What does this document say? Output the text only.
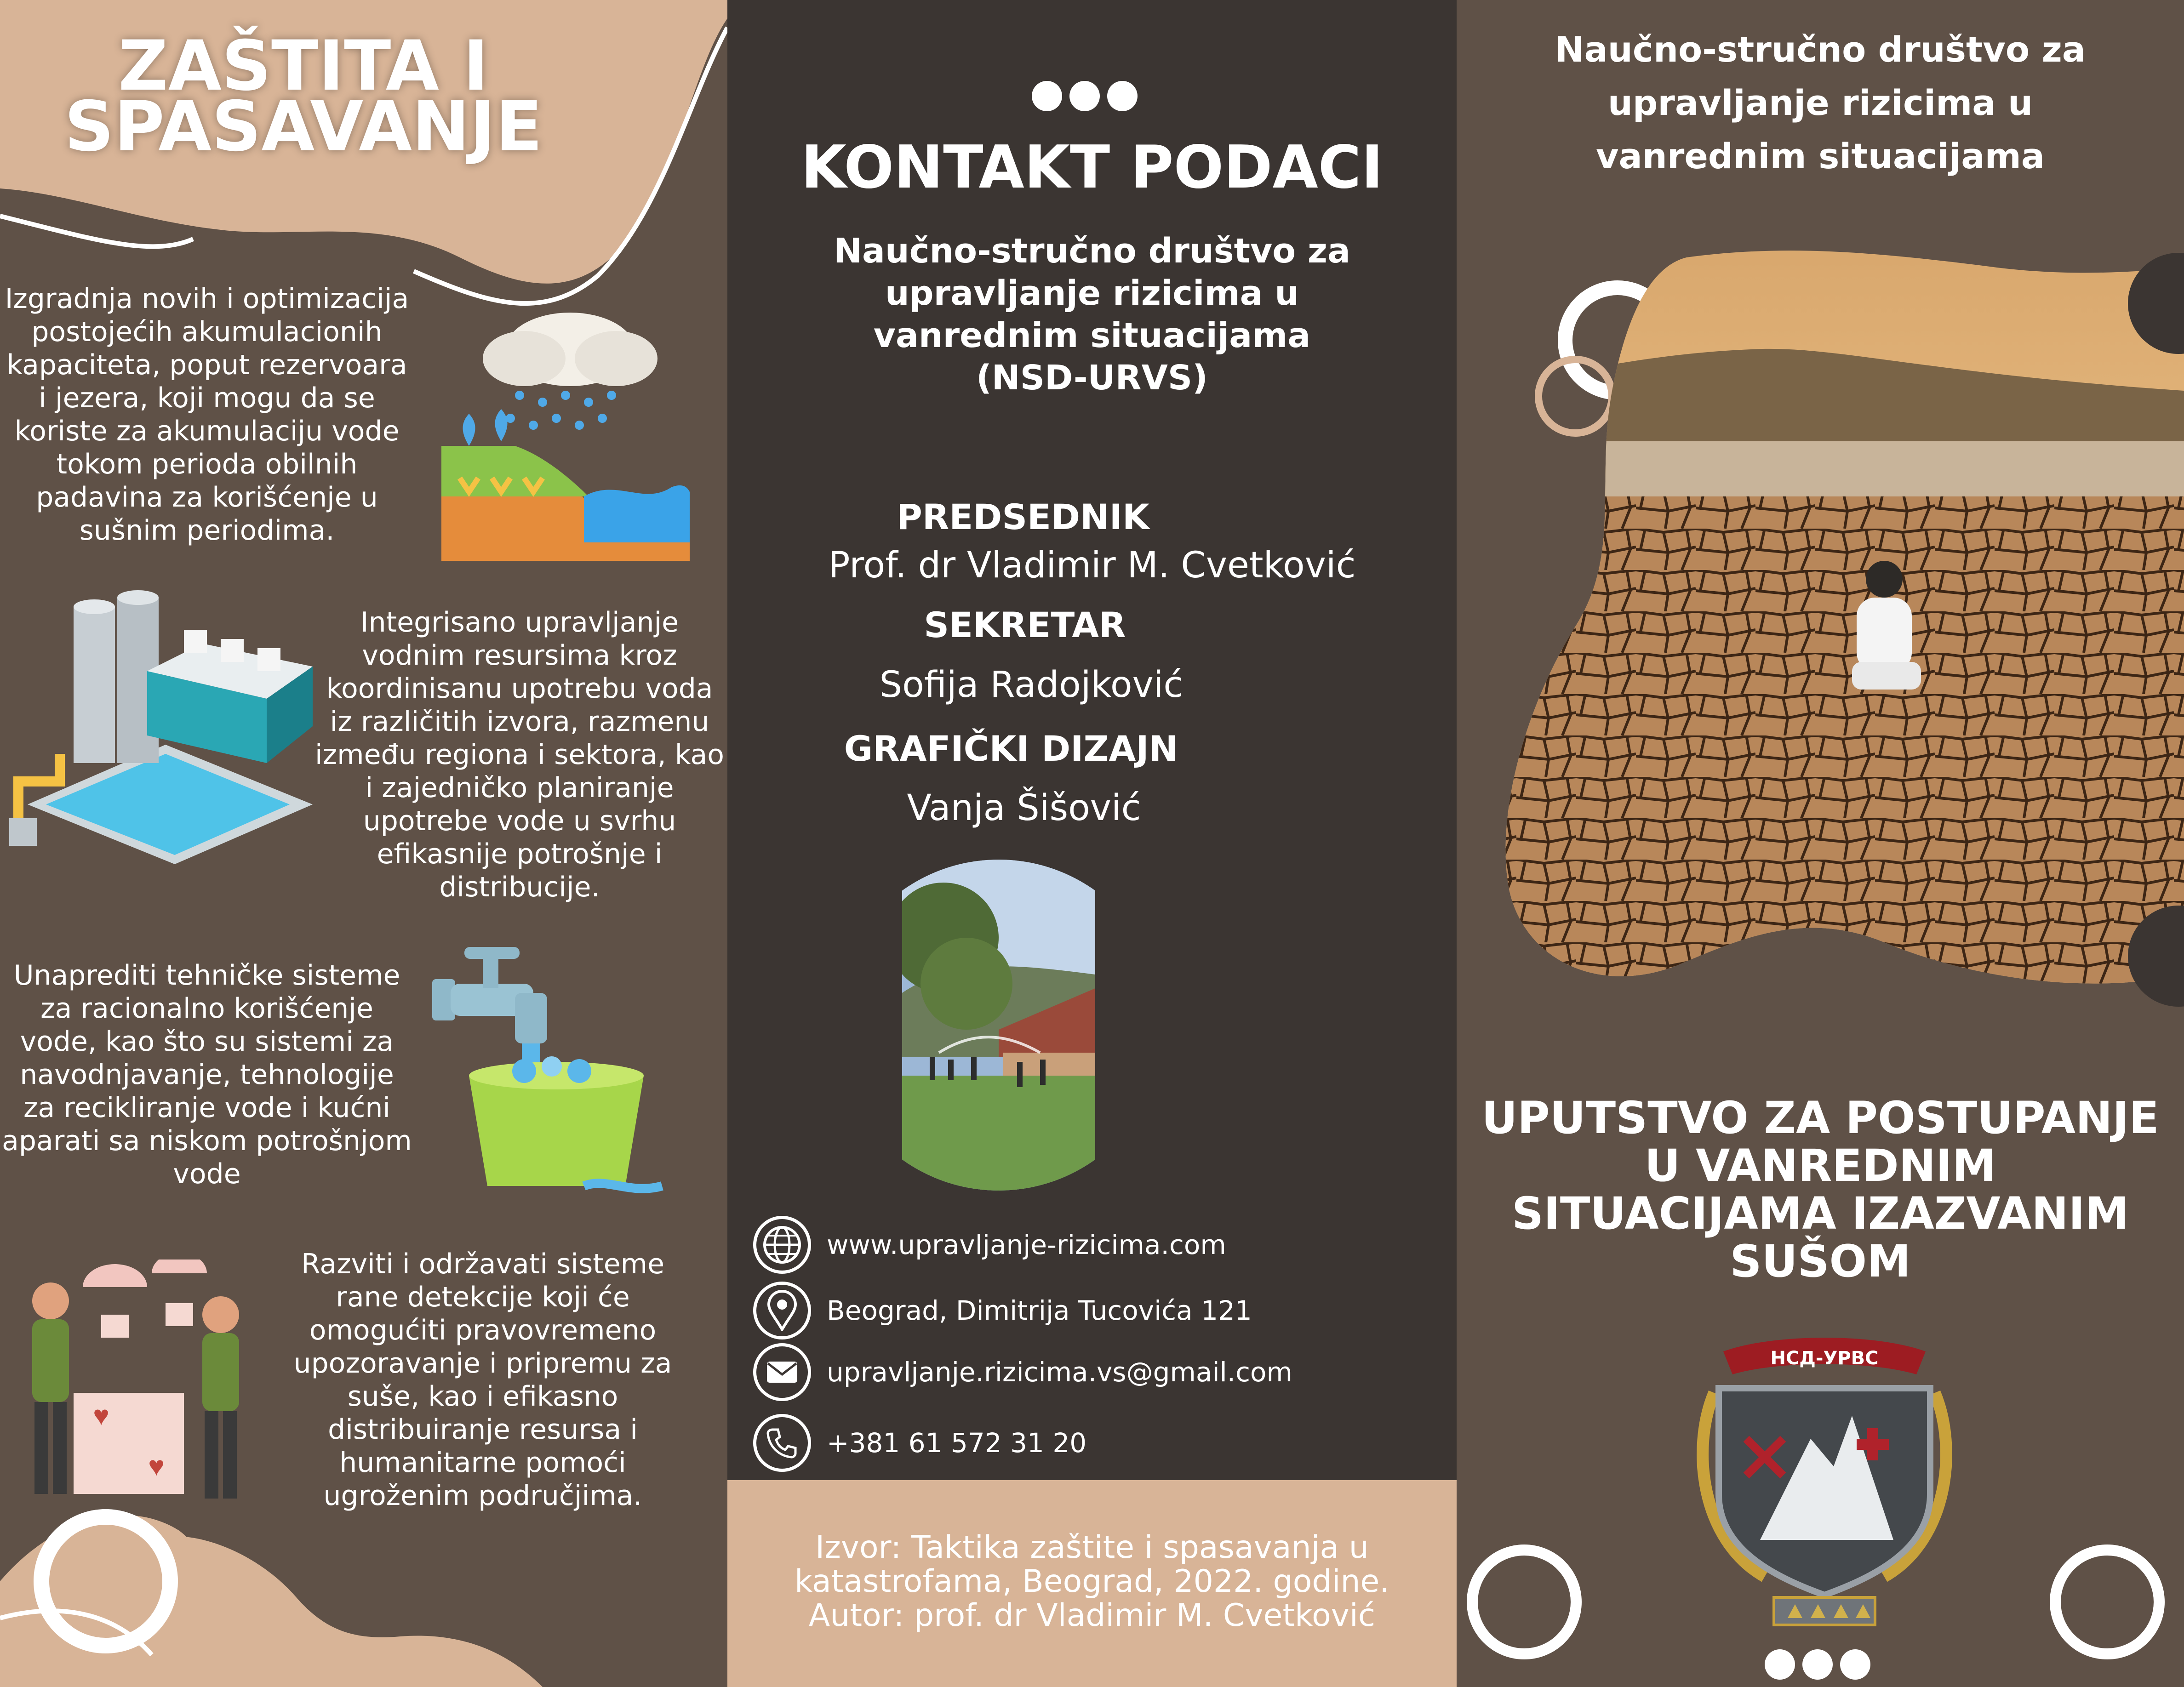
ZAŠTITA I
SPASAVANJE
Izgradnja novih i optimizacija postojećih akumulacionih kapaciteta, poput rezervoara i jezera, koji mogu da se koriste za akumulaciju vode tokom perioda obilnih padavina za korišćenje u sušnim periodima.
Integrisano upravljanje vodnim resursima kroz koordinisanu upotrebu voda iz različitih izvora, razmenu između regiona i sektora, kao i zajedničko planiranje upotrebe vode u svrhu efikasnije potrošnje i distribucije.
Unaprediti tehničke sisteme za racionalno korišćenje vode, kao što su sistemi za navodnjavanje, tehnologije za recikliranje vode i kućni aparati sa niskom potrošnjom vode
Razviti i održavati sisteme rane detekcije koji će omogućiti pravovremeno upozoravanje i pripremu za suše, kao i efikasno distribuiranje resursa i humanitarne pomoći ugroženim područjima.
♥
♥
KONTAKT PODACI
Naučno-stručno društvo za upravljanje rizicima u vanrednim situacijama (NSD-URVS)
PREDSEDNIK
Prof. dr Vladimir M. Cvetković
SEKRETAR
Sofija Radojković
GRAFIČKI DIZAJN
Vanja Šišović
www.upravljanje-rizicima.com
Beograd, Dimitrija Tucovića 121
upravljanje.rizicima.vs@gmail.com
+381 61 572 31 20
Izvor: Taktika zaštite i spasavanja u katastrofama, Beograd, 2022. godine. Autor: prof. dr Vladimir M. Cvetković
Naučno-stručno društvo za upravljanje rizicima u vanrednim situacijama
UPUTSTVO ZA POSTUPANJE U VANREDNIM SITUACIJAMA IZAZVANIM SUŠOM
НСД-УРВС
